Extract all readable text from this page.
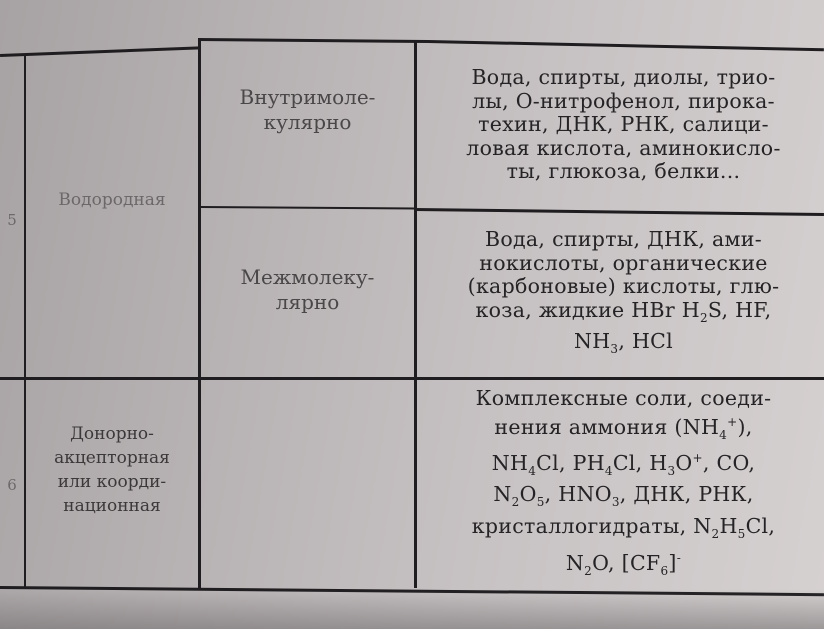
5
Водородная
Внутримоле-
кулярно
Вода, спирты, диолы, трио-
лы, О-нитрофенол, пирока-
техин, ДНК, РНК, салици-
ловая кислота, аминокисло-
ты, глюкоза, белки...
Межмолеку-
лярно
Вода, спирты, ДНК, ами-
нокислоты, органические
(карбоновые) кислоты, глю-
коза, жидкие HBr $H_2S$, HF,
$NH_3$, HCl
6
Донорно-
акцепторная
или коорди-
национная
Комплексные соли, соеди-
нения аммония $(NH_4^+)$,
$NH_4Cl$, $PH_4Cl$, $H_3O^+$, CO,
$N_2O_5$, $HNO_3$, ДНК, РНК,
кристаллогидраты, $N_2H_5Cl$,
$N_2O$, $[CF_6]^-$
